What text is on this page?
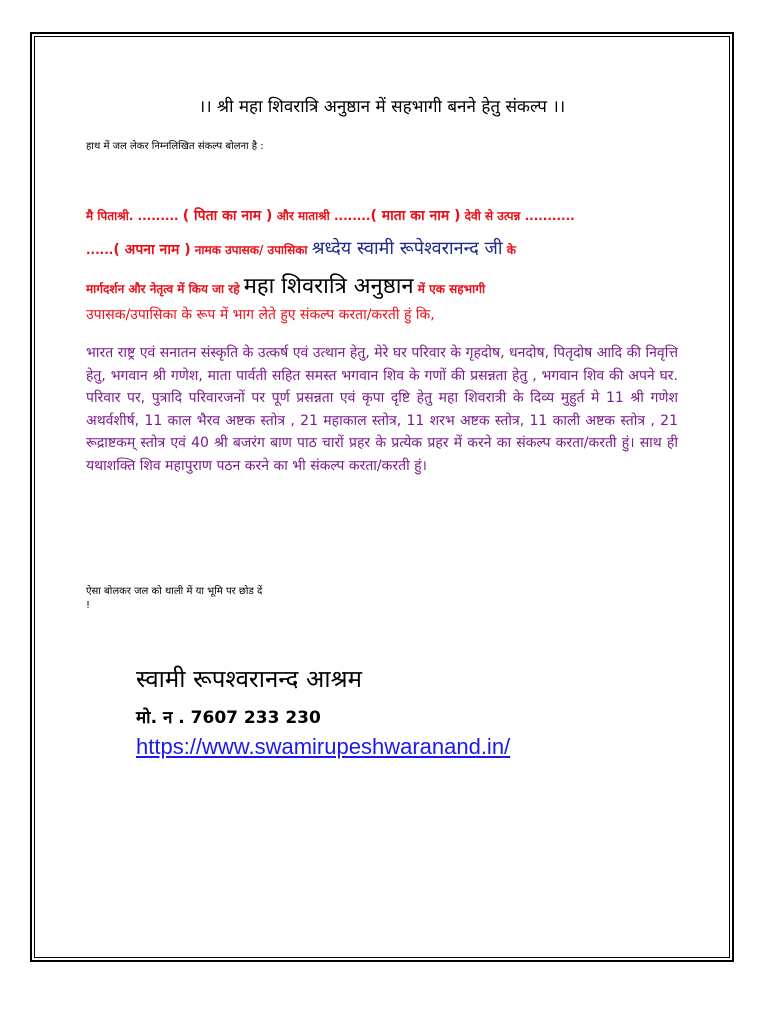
।। श्री महा शिवरात्रि अनुष्ठान में सहभागी बनने हेतु संकल्प ।।
हाथ में जल लेकर निम्नलिखित संकल्प बोलना है :
मै पिताश्री. ......... ( पिता का नाम ) और माताश्री ........( माता का नाम ) देवी से उत्पन्न ...........
......( अपना नाम ) नामक उपासक/ उपासिका श्रध्देय स्वामी रूपेश्वरानन्द जी के
मार्गदर्शन और नेतृत्व में किय जा रहे महा शिवरात्रि अनुष्ठान में एक सहभागी
उपासक/उपासिका के रूप में भाग लेते हुए संकल्प करता/करती हुं कि,
भारत राष्ट्र एवं सनातन संस्कृति के उत्कर्ष एवं उत्थान हेतु, मेरे घर परिवार के गृहदोष, धनदोष, पितृदोष आदि की निवृत्ति हेतु, भगवान श्री गणेश, माता पार्वती सहित समस्त भगवान शिव के गणों की प्रसन्नता हेतु , भगवान शिव की अपने घर. परिवार पर, पुत्रादि परिवारजनों पर पूर्ण प्रसन्नता एवं कृपा दृष्टि हेतु महा शिवरात्री के दिव्य मुहुर्त मे 11 श्री गणेश अथर्वशीर्ष, 11 काल भैरव अष्टक स्तोत्र , 21 महाकाल स्तोत्र, 11 शरभ अष्टक स्तोत्र, 11 काली अष्टक स्तोत्र , 21 रूद्राष्टकम् स्तोत्र एवं 40 श्री बजरंग बाण पाठ चारों प्रहर के प्रत्येक प्रहर में करने का संकल्प करता/करती हुं। साथ ही यथाशक्ति शिव महापुराण पठन करने का भी संकल्प करता/करती हुं।
ऐसा बोलकर जल को थाली में या भूमि पर छोड दें
!
स्वामी रूपश्वरानन्द आश्रम
मो. न . 7607 233 230
https://www.swamirupeshwaranand.in/
